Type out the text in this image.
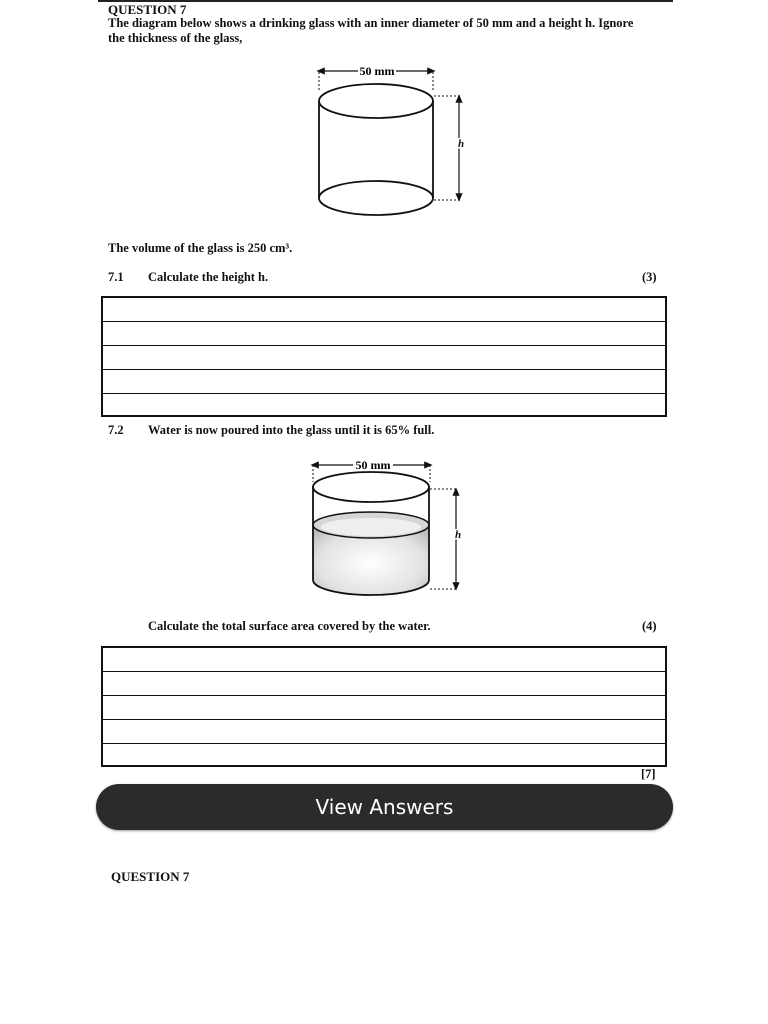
QUESTION 7
The diagram below shows a drinking glass with an inner diameter of 50 mm and a height h. Ignore
the thickness of the glass,
50 mm
h
The volume of the glass is 250 cm³.
7.1 Calculate the height h.	(3)
7.2 Water is now poured into the glass until it is 65% full.
50 mm
h
Calculate the total surface area covered by the water.	(4)
[7]
View Answers
QUESTION 7
